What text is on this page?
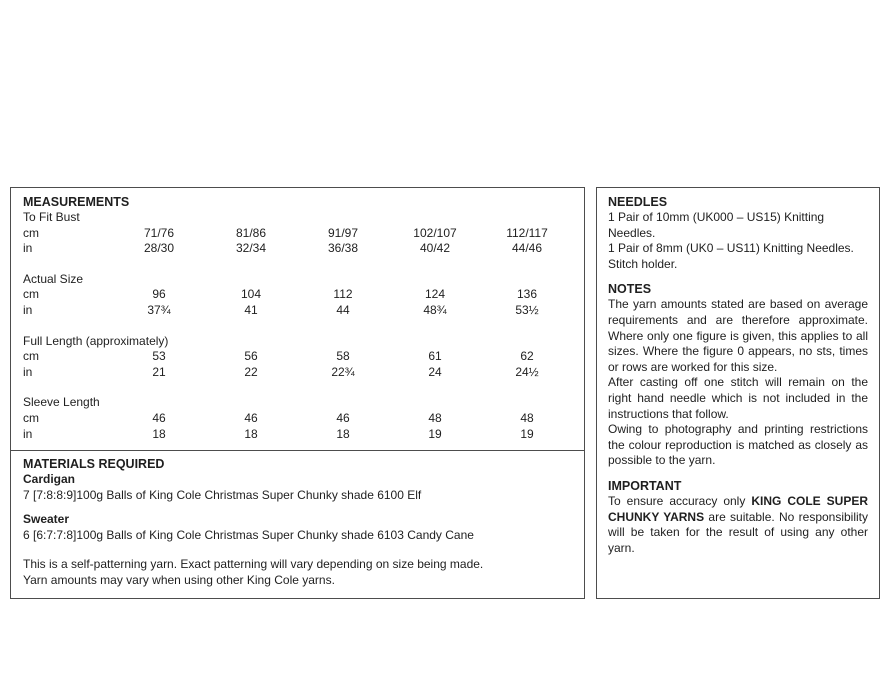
MEASUREMENTS
To Fit Bust
cm	71/76	81/86	91/97	102/107	112/117
in	28/30	32/34	36/38	40/42	44/46
Actual Size
cm	96	104	112	124	136
in	37¾	41	44	48¾	53½
Full Length (approximately)
cm	53	56	58	61	62
in	21	22	22¾	24	24½
Sleeve Length
cm	46	46	46	48	48
in	18	18	18	19	19
MATERIALS REQUIRED
Cardigan
7 [7:8:8:9]100g Balls of King Cole Christmas Super Chunky shade 6100 Elf
Sweater
6 [6:7:7:8]100g Balls of King Cole Christmas Super Chunky shade 6103 Candy Cane

This is a self-patterning yarn. Exact patterning will vary depending on size being made.

Yarn amounts may vary when using other King Cole yarns.

NEEDLES
1 Pair of 10mm (UK000 – US15) Knitting Needles.
1 Pair of 8mm (UK0 – US11) Knitting Needles.
Stitch holder.
NOTES

The yarn amounts stated are based on average requirements and are therefore approximate. Where only one figure is given, this applies to all sizes. Where the figure 0 appears, no sts, times or rows are worked for this size.

After casting off one stitch will remain on the right hand needle which is not included in the instructions that follow.

Owing to photography and printing restrictions the colour reproduction is matched as closely as possible to the yarn.

IMPORTANT

To ensure accuracy only KING COLE SUPER CHUNKY YARNS are suitable. No responsibility will be taken for the result of using any other yarn.
